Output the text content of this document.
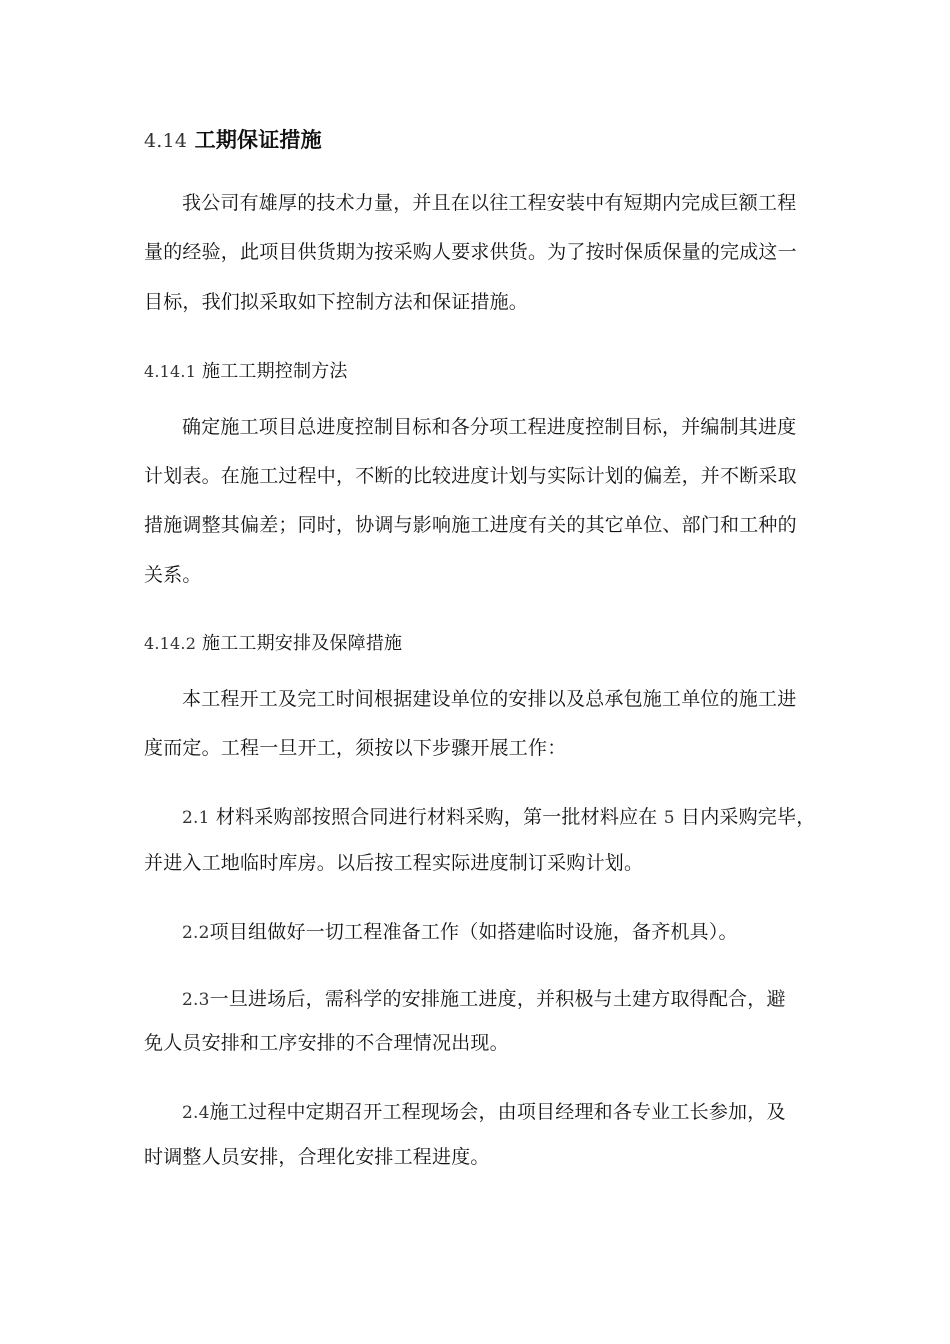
4.14 工期保证措施
我公司有雄厚的技术力量，并且在以往工程安装中有短期内完成巨额工程
量的经验，此项目供货期为按采购人要求供货。为了按时保质保量的完成这一
目标，我们拟采取如下控制方法和保证措施。
4.14.1 施工工期控制方法
确定施工项目总进度控制目标和各分项工程进度控制目标，并编制其进度
计划表。在施工过程中，不断的比较进度计划与实际计划的偏差，并不断采取
措施调整其偏差；同时，协调与影响施工进度有关的其它单位、部门和工种的
关系。
4.14.2 施工工期安排及保障措施
本工程开工及完工时间根据建设单位的安排以及总承包施工单位的施工进
度而定。工程一旦开工，须按以下步骤开展工作：
2.1 材料采购部按照合同进行材料采购，第一批材料应在 5 日内采购完毕，
并进入工地临时库房。以后按工程实际进度制订采购计划。
2.2项目组做好一切工程准备工作（如搭建临时设施，备齐机具）。
2.3一旦进场后，需科学的安排施工进度，并积极与土建方取得配合，避
免人员安排和工序安排的不合理情况出现。
2.4施工过程中定期召开工程现场会，由项目经理和各专业工长参加，及
时调整人员安排，合理化安排工程进度。
